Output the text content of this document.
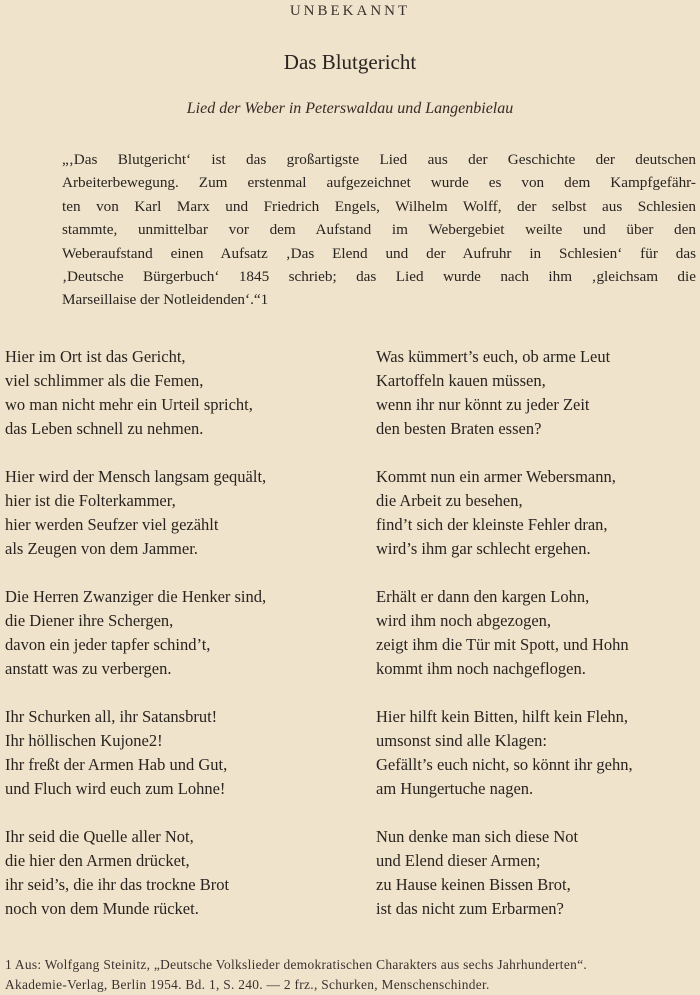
UNBEKANNT
Das Blutgericht
Lied der Weber in Peterswaldau und Langenbielau
„‚Das Blutgericht‘ ist das großartigste Lied aus der Geschichte der deutschen
Arbeiterbewegung. Zum erstenmal aufgezeichnet wurde es von dem Kampfgefähr-
ten von Karl Marx und Friedrich Engels, Wilhelm Wolff, der selbst aus Schlesien
stammte, unmittelbar vor dem Aufstand im Webergebiet weilte und über den
Weberaufstand einen Aufsatz ‚Das Elend und der Aufruhr in Schlesien‘ für das
‚Deutsche Bürgerbuch‘ 1845 schrieb; das Lied wurde nach ihm ‚gleichsam die
Marseillaise der Notleidenden‘.“1
Hier im Ort ist das Gericht,
viel schlimmer als die Femen,
wo man nicht mehr ein Urteil spricht,
das Leben schnell zu nehmen.
Hier wird der Mensch langsam gequält,
hier ist die Folterkammer,
hier werden Seufzer viel gezählt
als Zeugen von dem Jammer.
Die Herren Zwanziger die Henker sind,
die Diener ihre Schergen,
davon ein jeder tapfer schind’t,
anstatt was zu verbergen.
Ihr Schurken all, ihr Satansbrut!
Ihr höllischen Kujone2!
Ihr freßt der Armen Hab und Gut,
und Fluch wird euch zum Lohne!
Ihr seid die Quelle aller Not,
die hier den Armen drücket,
ihr seid’s, die ihr das trockne Brot
noch von dem Munde rücket.
Was kümmert’s euch, ob arme Leut
Kartoffeln kauen müssen,
wenn ihr nur könnt zu jeder Zeit
den besten Braten essen?
Kommt nun ein armer Webersmann,
die Arbeit zu besehen,
find’t sich der kleinste Fehler dran,
wird’s ihm gar schlecht ergehen.
Erhält er dann den kargen Lohn,
wird ihm noch abgezogen,
zeigt ihm die Tür mit Spott, und Hohn
kommt ihm noch nachgeflogen.
Hier hilft kein Bitten, hilft kein Flehn,
umsonst sind alle Klagen:
Gefällt’s euch nicht, so könnt ihr gehn,
am Hungertuche nagen.
Nun denke man sich diese Not
und Elend dieser Armen;
zu Hause keinen Bissen Brot,
ist das nicht zum Erbarmen?
1 Aus: Wolfgang Steinitz, „Deutsche Volkslieder demokratischen Charakters aus sechs Jahrhunderten“.
Akademie-Verlag, Berlin 1954. Bd. 1, S. 240. — 2 frz., Schurken, Menschenschinder.
